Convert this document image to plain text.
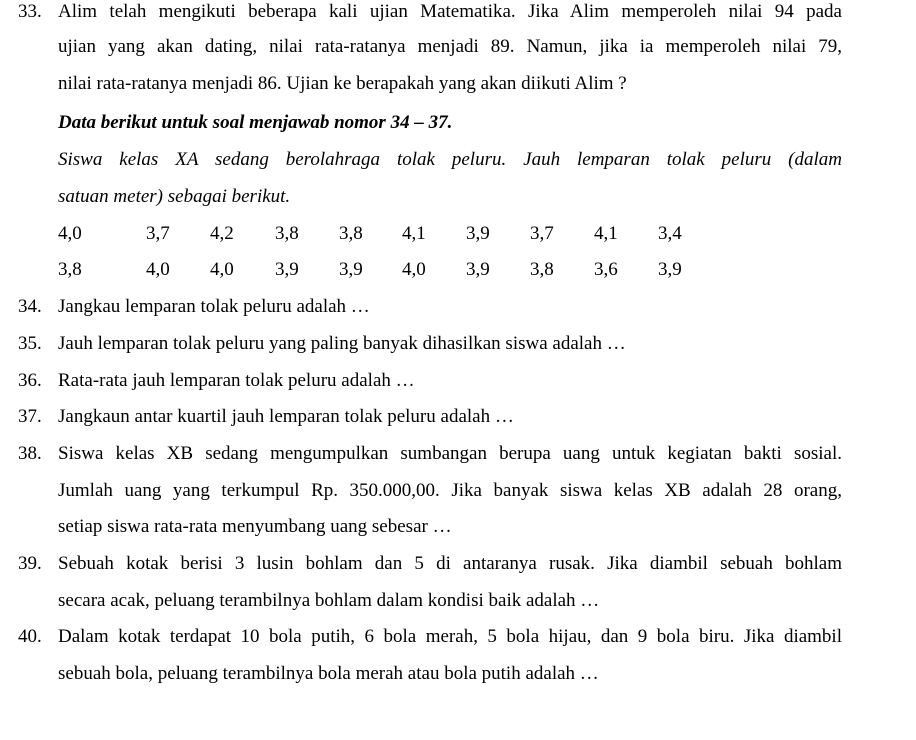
33. Alim telah mengikuti beberapa kali ujian Matematika. Jika Alim memperoleh nilai 94 pada
ujian yang akan dating, nilai rata-ratanya menjadi 89. Namun, jika ia memperoleh nilai 79,
nilai rata-ratanya menjadi 86. Ujian ke berapakah yang akan diikuti Alim ?
Data berikut untuk soal menjawab nomor 34 – 37.
Siswa kelas XA sedang berolahraga tolak peluru. Jauh lemparan tolak peluru (dalam
satuan meter) sebagai berikut.
4,0	3,7 4,2 3,8 3,8 4,1 3,9 3,7 4,1 3,4
3,8	4,0 4,0 3,9 3,9 4,0 3,9 3,8 3,6 3,9
34. Jangkau lemparan tolak peluru adalah …
35. Jauh lemparan tolak peluru yang paling banyak dihasilkan siswa adalah …
36. Rata-rata jauh lemparan tolak peluru adalah …
37. Jangkaun antar kuartil jauh lemparan tolak peluru adalah …
38. Siswa kelas XB sedang mengumpulkan sumbangan berupa uang untuk kegiatan bakti sosial.
Jumlah uang yang terkumpul Rp. 350.000,00. Jika banyak siswa kelas XB adalah 28 orang,
setiap siswa rata-rata menyumbang uang sebesar …
39. Sebuah kotak berisi 3 lusin bohlam dan 5 di antaranya rusak. Jika diambil sebuah bohlam
secara acak, peluang terambilnya bohlam dalam kondisi baik adalah …
40. Dalam kotak terdapat 10 bola putih, 6 bola merah, 5 bola hijau, dan 9 bola biru. Jika diambil
sebuah bola, peluang terambilnya bola merah atau bola putih adalah …
